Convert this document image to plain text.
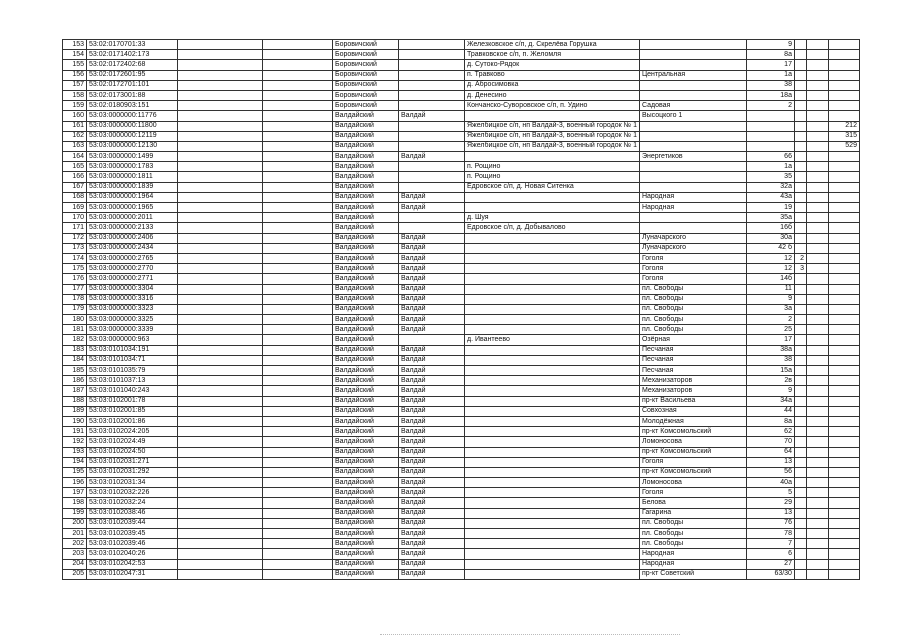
153	53:02:0170701:33			Боровичский		Железковское с/п, д. Скрелёва Горушка		9			
154	53:02:0171402:173			Боровичский		Травковское с/п, п. Желомля		8а			
155	53:02:0172402:68			Боровичский		д. Сутоко-Рядок		17			
156	53:02:0172601:95			Боровичский		п. Травково	Центральная	1а			
157	53:02:0172701:101			Боровичский		д. Абросимовка		38			
158	53:02:0173001:88			Боровичский		д. Денесино		18а			
159	53:02:0180903:151			Боровичский		Кончанско-Суворовское с/п, п. Удино	Садовая	2			
160	53:03:0000000:11776			Валдайский	Валдай		Высоцкого 1				
161	53:03:0000000:11800			Валдайский		Яжелбицкое с/п, нп Валдай-3, военный городок № 1					212
162	53:03:0000000:12119			Валдайский		Яжелбицкое с/п, нп Валдай-3, военный городок № 1					315
163	53:03:0000000:12130			Валдайский		Яжелбицкое с/п, нп Валдай-3, военный городок № 1					529
164	53:03:0000000:1499			Валдайский	Валдай		Энергетиков	66			
165	53:03:0000000:1783			Валдайский		п. Рощино		1а			
166	53:03:0000000:1811			Валдайский		п. Рощино		35			
167	53:03:0000000:1839			Валдайский		Едровское с/п, д. Новая Ситенка		32а			
168	53:03:0000000:1964			Валдайский	Валдай		Народная	43а			
169	53:03:0000000:1965			Валдайский	Валдай		Народная	19			
170	53:03:0000000:2011			Валдайский		д. Шуя		35а			
171	53:03:0000000:2133			Валдайский		Едровское с/п, д. Добывалово		16б			
172	53:03:0000000:2406			Валдайский	Валдай		Луначарского	30а			
173	53:03:0000000:2434			Валдайский	Валдай		Луначарского	42 б			
174	53:03:0000000:2765			Валдайский	Валдай		Гоголя	12	2		
175	53:03:0000000:2770			Валдайский	Валдай		Гоголя	12	3		
176	53:03:0000000:2771			Валдайский	Валдай		Гоголя	14б			
177	53:03:0000000:3304			Валдайский	Валдай		пл. Свободы	11			
178	53:03:0000000:3316			Валдайский	Валдай		пл. Свободы	9			
179	53:03:0000000:3323			Валдайский	Валдай		пл. Свободы	3а			
180	53:03:0000000:3325			Валдайский	Валдай		пл. Свободы	2			
181	53:03:0000000:3339			Валдайский	Валдай		пл. Свободы	25			
182	53:03:0000000:963			Валдайский		д. Ивантеево	Озёрная	17			
183	53:03:0101034:191			Валдайский	Валдай		Песчаная	38а			
184	53:03:0101034:71			Валдайский	Валдай		Песчаная	38			
185	53:03:0101035:79			Валдайский	Валдай		Песчаная	15а			
186	53:03:0101037:13			Валдайский	Валдай		Механизаторов	2в			
187	53:03:0101040:243			Валдайский	Валдай		Механизаторов	9			
188	53:03:0102001:78			Валдайский	Валдай		пр-кт Васильева	34а			
189	53:03:0102001:85			Валдайский	Валдай		Совхозная	44			
190	53:03:0102001:86			Валдайский	Валдай		Молодёжная	8а			
191	53:03:0102024:205			Валдайский	Валдай		пр-кт Комсомольский	62			
192	53:03:0102024:49			Валдайский	Валдай		Ломоносова	70			
193	53:03:0102024:50			Валдайский	Валдай		пр-кт Комсомольский	64			
194	53:03:0102031:271			Валдайский	Валдай		Гоголя	13			
195	53:03:0102031:292			Валдайский	Валдай		пр-кт Комсомольский	56			
196	53:03:0102031:34			Валдайский	Валдай		Ломоносова	40а			
197	53:03:0102032:226			Валдайский	Валдай		Гоголя	5			
198	53:03:0102032:24			Валдайский	Валдай		Белова	29			
199	53:03:0102038:46			Валдайский	Валдай		Гагарина	13			
200	53:03:0102039:44			Валдайский	Валдай		пл. Свободы	76			
201	53:03:0102039:45			Валдайский	Валдай		пл. Свободы	78			
202	53:03:0102039:46			Валдайский	Валдай		пл. Свободы	7			
203	53:03:0102040:26			Валдайский	Валдай		Народная	6			
204	53:03:0102042:53			Валдайский	Валдай		Народная	27			
205	53:03:0102047:31			Валдайский	Валдай		пр-кт Советский	63/30			
